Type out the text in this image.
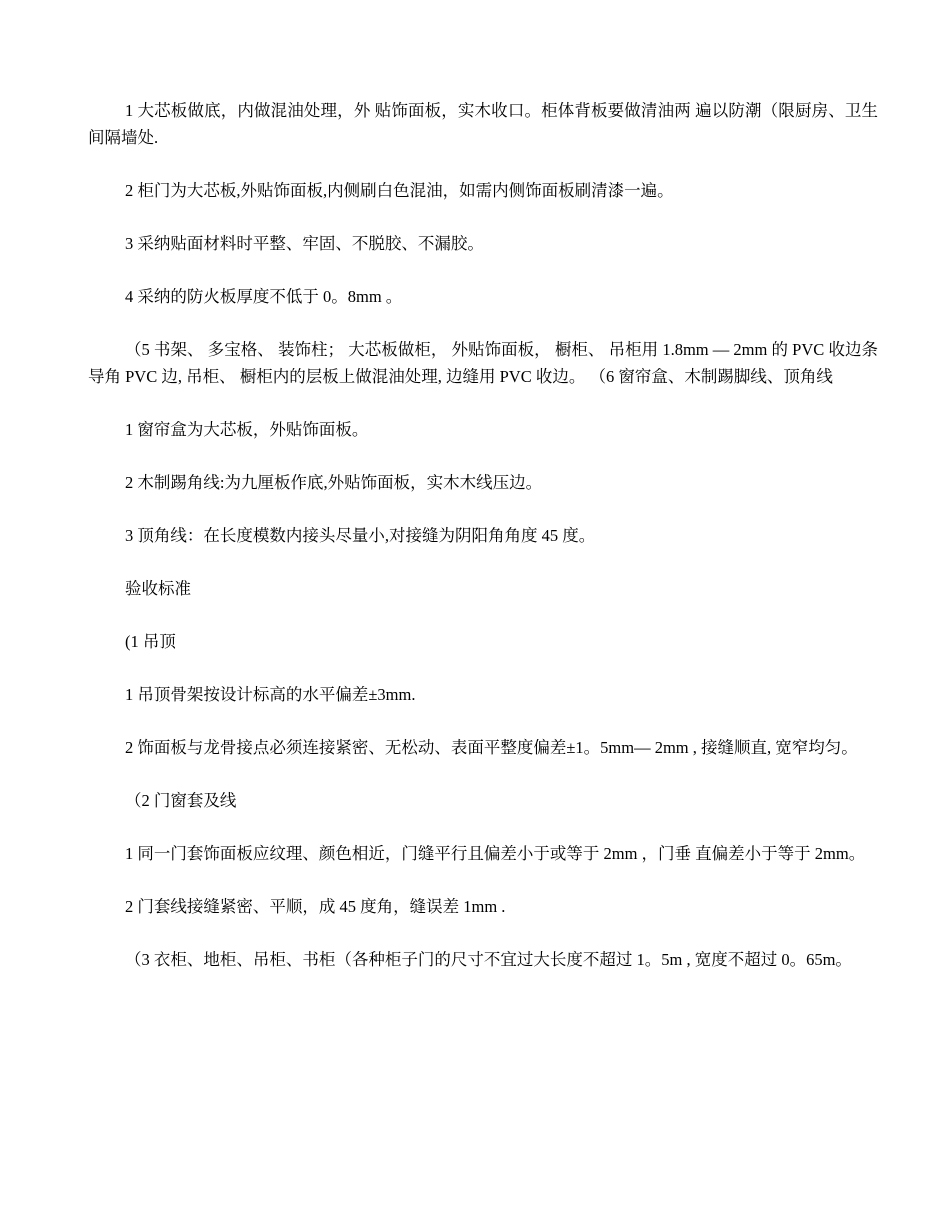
1 大芯板做底，内做混油处理，外 贴饰面板，实木收口。柜体背板要做清油两 遍以防潮（限厨房、卫生间隔墙处.

2 柜门为大芯板,外贴饰面板,内侧刷白色混油，如需内侧饰面板刷清漆一遍。

3 采纳贴面材料时平整、牢固、不脱胶、不漏胶。

4 采纳的防火板厚度不低于 0。8mm 。

（5 书架、 多宝格、 装饰柱； 大芯板做柜， 外贴饰面板， 橱柜、 吊柜用 1.8mm — 2mm 的 PVC 收边条导角 PVC 边, 吊柜、 橱柜内的层板上做混油处理, 边缝用 PVC 收边。 （6 窗帘盒、木制踢脚线、顶角线

1 窗帘盒为大芯板，外贴饰面板。

2 木制踢角线:为九厘板作底,外贴饰面板，实木木线压边。

3 顶角线：在长度模数内接头尽量小,对接缝为阴阳角角度 45 度。

验收标准

(1 吊顶

1 吊顶骨架按设计标高的水平偏差±3mm.

2 饰面板与龙骨接点必须连接紧密、无松动、表面平整度偏差±1。5mm— 2mm , 接缝顺直, 宽窄均匀。

（2 门窗套及线

1 同一门套饰面板应纹理、颜色相近，门缝平行且偏差小于或等于 2mm ，门垂 直偏差小于等于 2mm。

2 门套线接缝紧密、平顺，成 45 度角，缝误差 1mm .

（3 衣柜、地柜、吊柜、书柜（各种柜子门的尺寸不宜过大长度不超过 1。5m , 宽度不超过 0。65m。
